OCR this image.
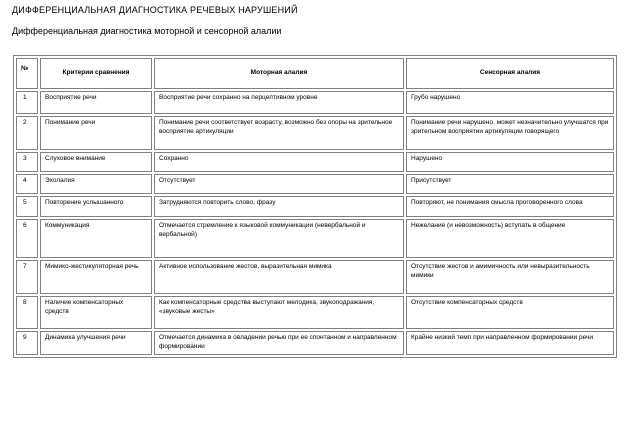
ДИФФЕРЕНЦИАЛЬНАЯ ДИАГНОСТИКА РЕЧЕВЫХ НАРУШЕНИЙ
Дифференциальная диагностика моторной и сенсорной алалии
№	Критерии сравнения	Моторная алалия	Сенсорная алалия
1	Восприятие речи	Восприятие речи сохранно на перцептивном уровне	Грубо нарушено
2	Понимание речи	Понимание речи соответствует возрасту, возможно без опоры на зрительное восприятие артикуляции	Понимание речи нарушено, может незначительно улучшатся при зрительном восприятии артикуляции говорящего
3	Слуховое внимание	Сохранно	Нарушено
4	Эхолалия	Отсутствует	Присутствует
5	Повторение услышанного	Затрудняются повторить слово, фразу	Повторяют, не понимания смысла проговоренного слова
6	Коммуникация	Отмечается стремление к языковой коммуникации (невербальной и вербальной)	Нежелание (и невозможность) вступать в общение
7	Мимико-жестикуляторная речь	Активное использование жестов, выразительная мимика	Отсутствие жестов и амимичность или невыразительность мимики
8	Наличие компенсаторных средств	Как компенсаторные средства выступают мелодика, звукоподражания, «звуковые жесты»	Отсутствие компенсаторных средств
9	Динамика улучшения речи	Отмечается динамика в овладении речью при ее спонтанном и направленном формировании	Крайне низкий темп при направленном формировании речи
